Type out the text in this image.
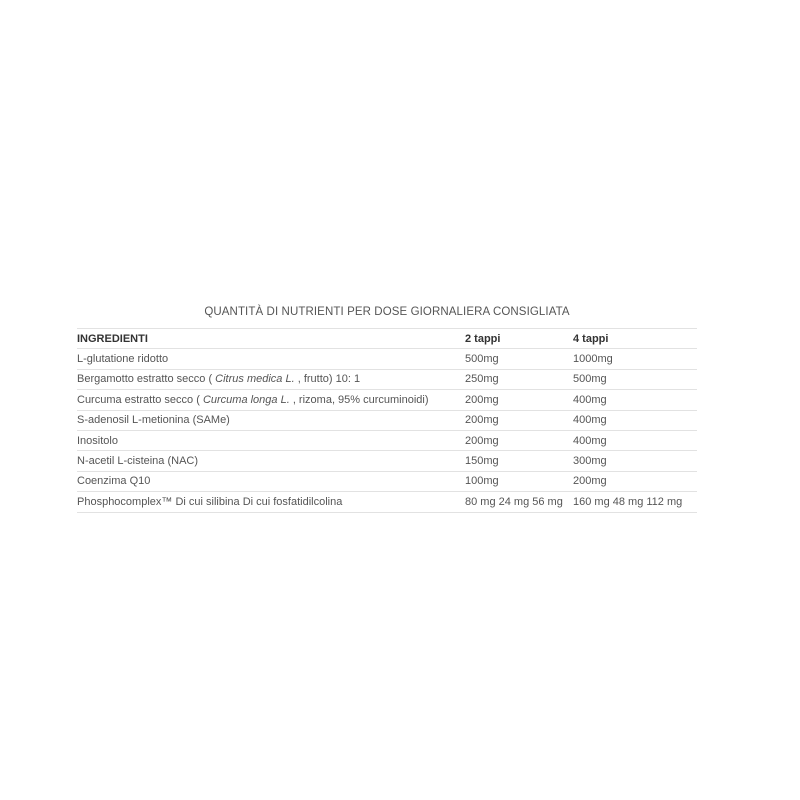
QUANTITÀ DI NUTRIENTI PER DOSE GIORNALIERA CONSIGLIATA
INGREDIENTI	2 tappi	4 tappi
L-glutatione ridotto	500mg	1000mg
Bergamotto estratto secco ( Citrus medica L. , frutto) 10: 1	250mg	500mg
Curcuma estratto secco ( Curcuma longa L. , rizoma, 95% curcuminoidi)	200mg	400mg
S-adenosil L-metionina (SAMe)	200mg	400mg
Inositolo	200mg	400mg
N-acetil L-cisteina (NAC)	150mg	300mg
Coenzima Q10	100mg	200mg
Phosphocomplex™ Di cui silibina Di cui fosfatidilcolina	80 mg 24 mg 56 mg	160 mg 48 mg 112 mg
